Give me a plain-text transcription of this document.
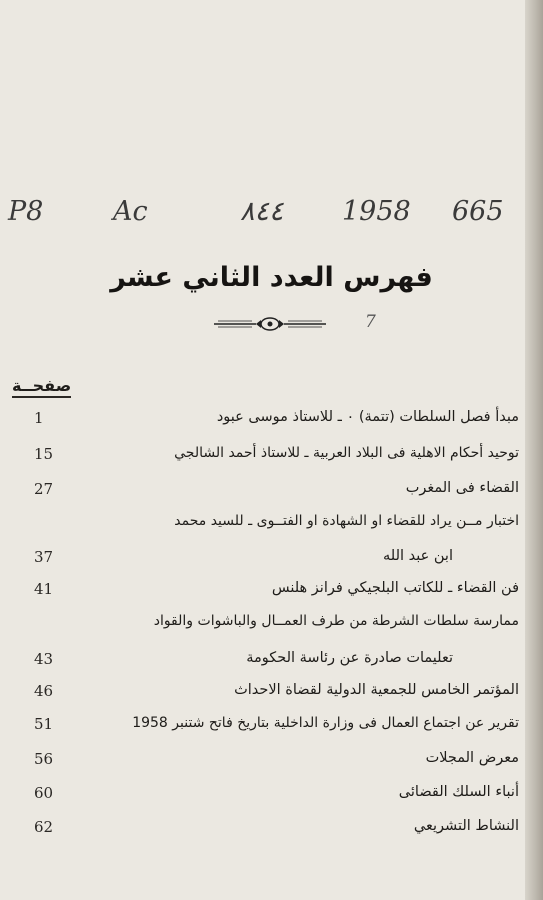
P8	Ac	٨٤٤ 1958 665
فهرس العدد الثاني عشر
7
صفحــة
1	مبدأ فصل السلطات (تتمة) ٠ ـ للاستاذ موسى عبود
15	توحيد أحكام الاهلية فى البلاد العربية ـ للاستاذ أحمد الشالجي
27	القضاء فى المغرب
اختبار مــن يراد للقضاء او الشهادة او الفتــوى ـ للسيد محمد
37	ابن عبد الله
41	فن القضاء ـ للكاتب البلجيكي فرانز هلنس
ممارسة سلطات الشرطة من طرف العمــال والباشوات والقواد
43	تعليمات صادرة عن رئاسة الحكومة
46	المؤتمر الخامس للجمعية الدولية لقضاة الاحداث
51	تقرير عن اجتماع العمال فى وزارة الداخلية بتاريخ فاتح شتنبر 1958
56	معرض المجلات
60	أنباء السلك القضائى
62	النشاط التشريعي
